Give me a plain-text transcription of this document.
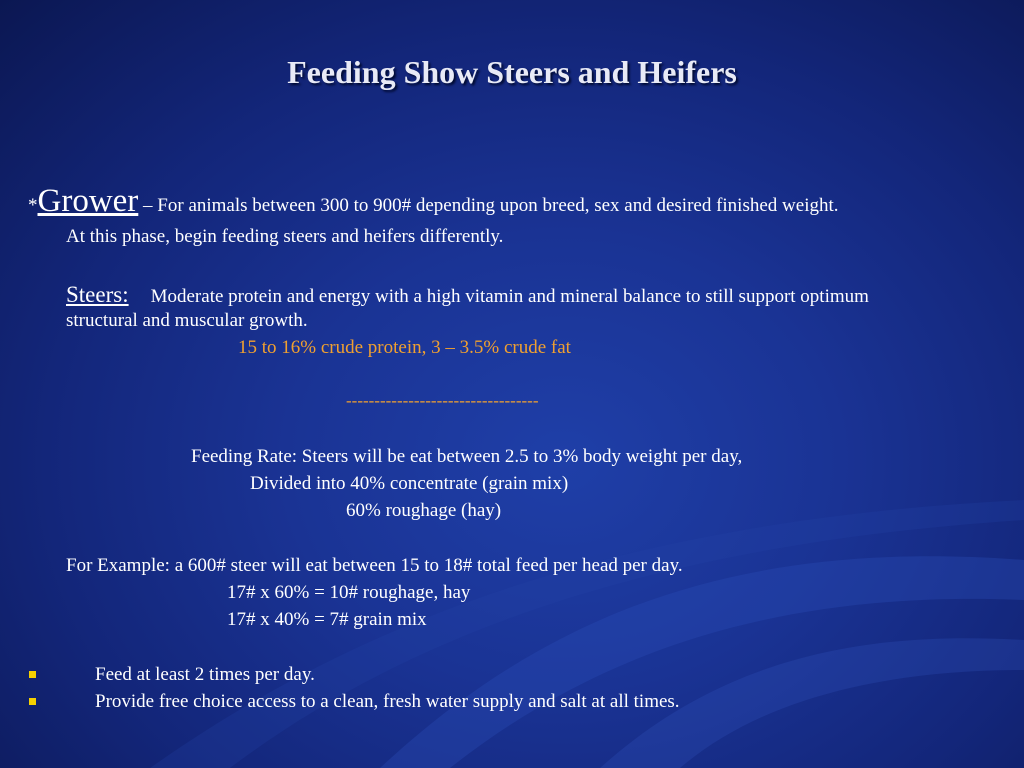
Feeding Show Steers and Heifers
*Grower – For animals between 300 to 900# depending upon breed, sex and desired finished weight.
At this phase, begin feeding steers and heifers differently.
Steers: Moderate protein and energy with a high vitamin and mineral balance to still support optimum
structural and muscular growth.
15 to 16% crude protein, 3 – 3.5% crude fat
----------------------------------
Feeding Rate: Steers will be eat between 2.5 to 3% body weight per day,
Divided into 40% concentrate (grain mix)
60% roughage (hay)
For Example: a 600# steer will eat between 15 to 18# total feed per head per day.
17# x 60% = 10# roughage, hay
17# x 40% = 7# grain mix
Feed at least 2 times per day.
Provide free choice access to a clean, fresh water supply and salt at all times.
